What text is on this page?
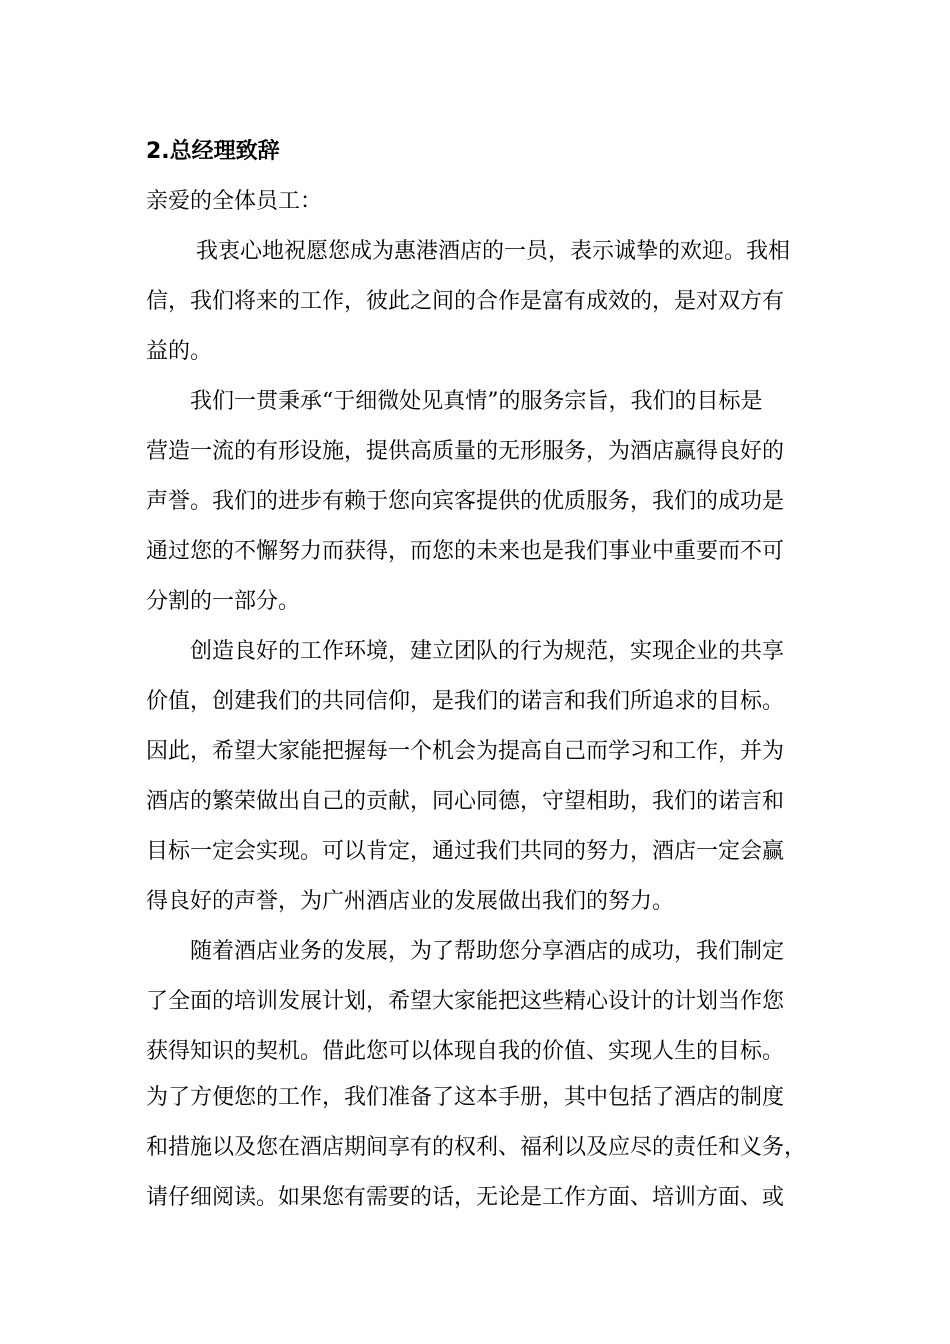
2.总经理致辞
亲爱的全体员工：
我衷心地祝愿您成为惠港酒店的一员，表示诚挚的欢迎。我相
信，我们将来的工作，彼此之间的合作是富有成效的，是对双方有
益的。
我们一贯秉承“于细微处见真情”的服务宗旨，我们的目标是
营造一流的有形设施，提供高质量的无形服务，为酒店赢得良好的
声誉。我们的进步有赖于您向宾客提供的优质服务，我们的成功是
通过您的不懈努力而获得，而您的未来也是我们事业中重要而不可
分割的一部分。
创造良好的工作环境，建立团队的行为规范，实现企业的共享
价值，创建我们的共同信仰，是我们的诺言和我们所追求的目标。
因此，希望大家能把握每一个机会为提高自己而学习和工作，并为
酒店的繁荣做出自己的贡献，同心同德，守望相助，我们的诺言和
目标一定会实现。可以肯定，通过我们共同的努力，酒店一定会赢
得良好的声誉，为广州酒店业的发展做出我们的努力。
随着酒店业务的发展，为了帮助您分享酒店的成功，我们制定
了全面的培训发展计划，希望大家能把这些精心设计的计划当作您
获得知识的契机。借此您可以体现自我的价值、实现人生的目标。
为了方便您的工作，我们准备了这本手册，其中包括了酒店的制度
和措施以及您在酒店期间享有的权利、福利以及应尽的责任和义务，
请仔细阅读。如果您有需要的话，无论是工作方面、培训方面、或
